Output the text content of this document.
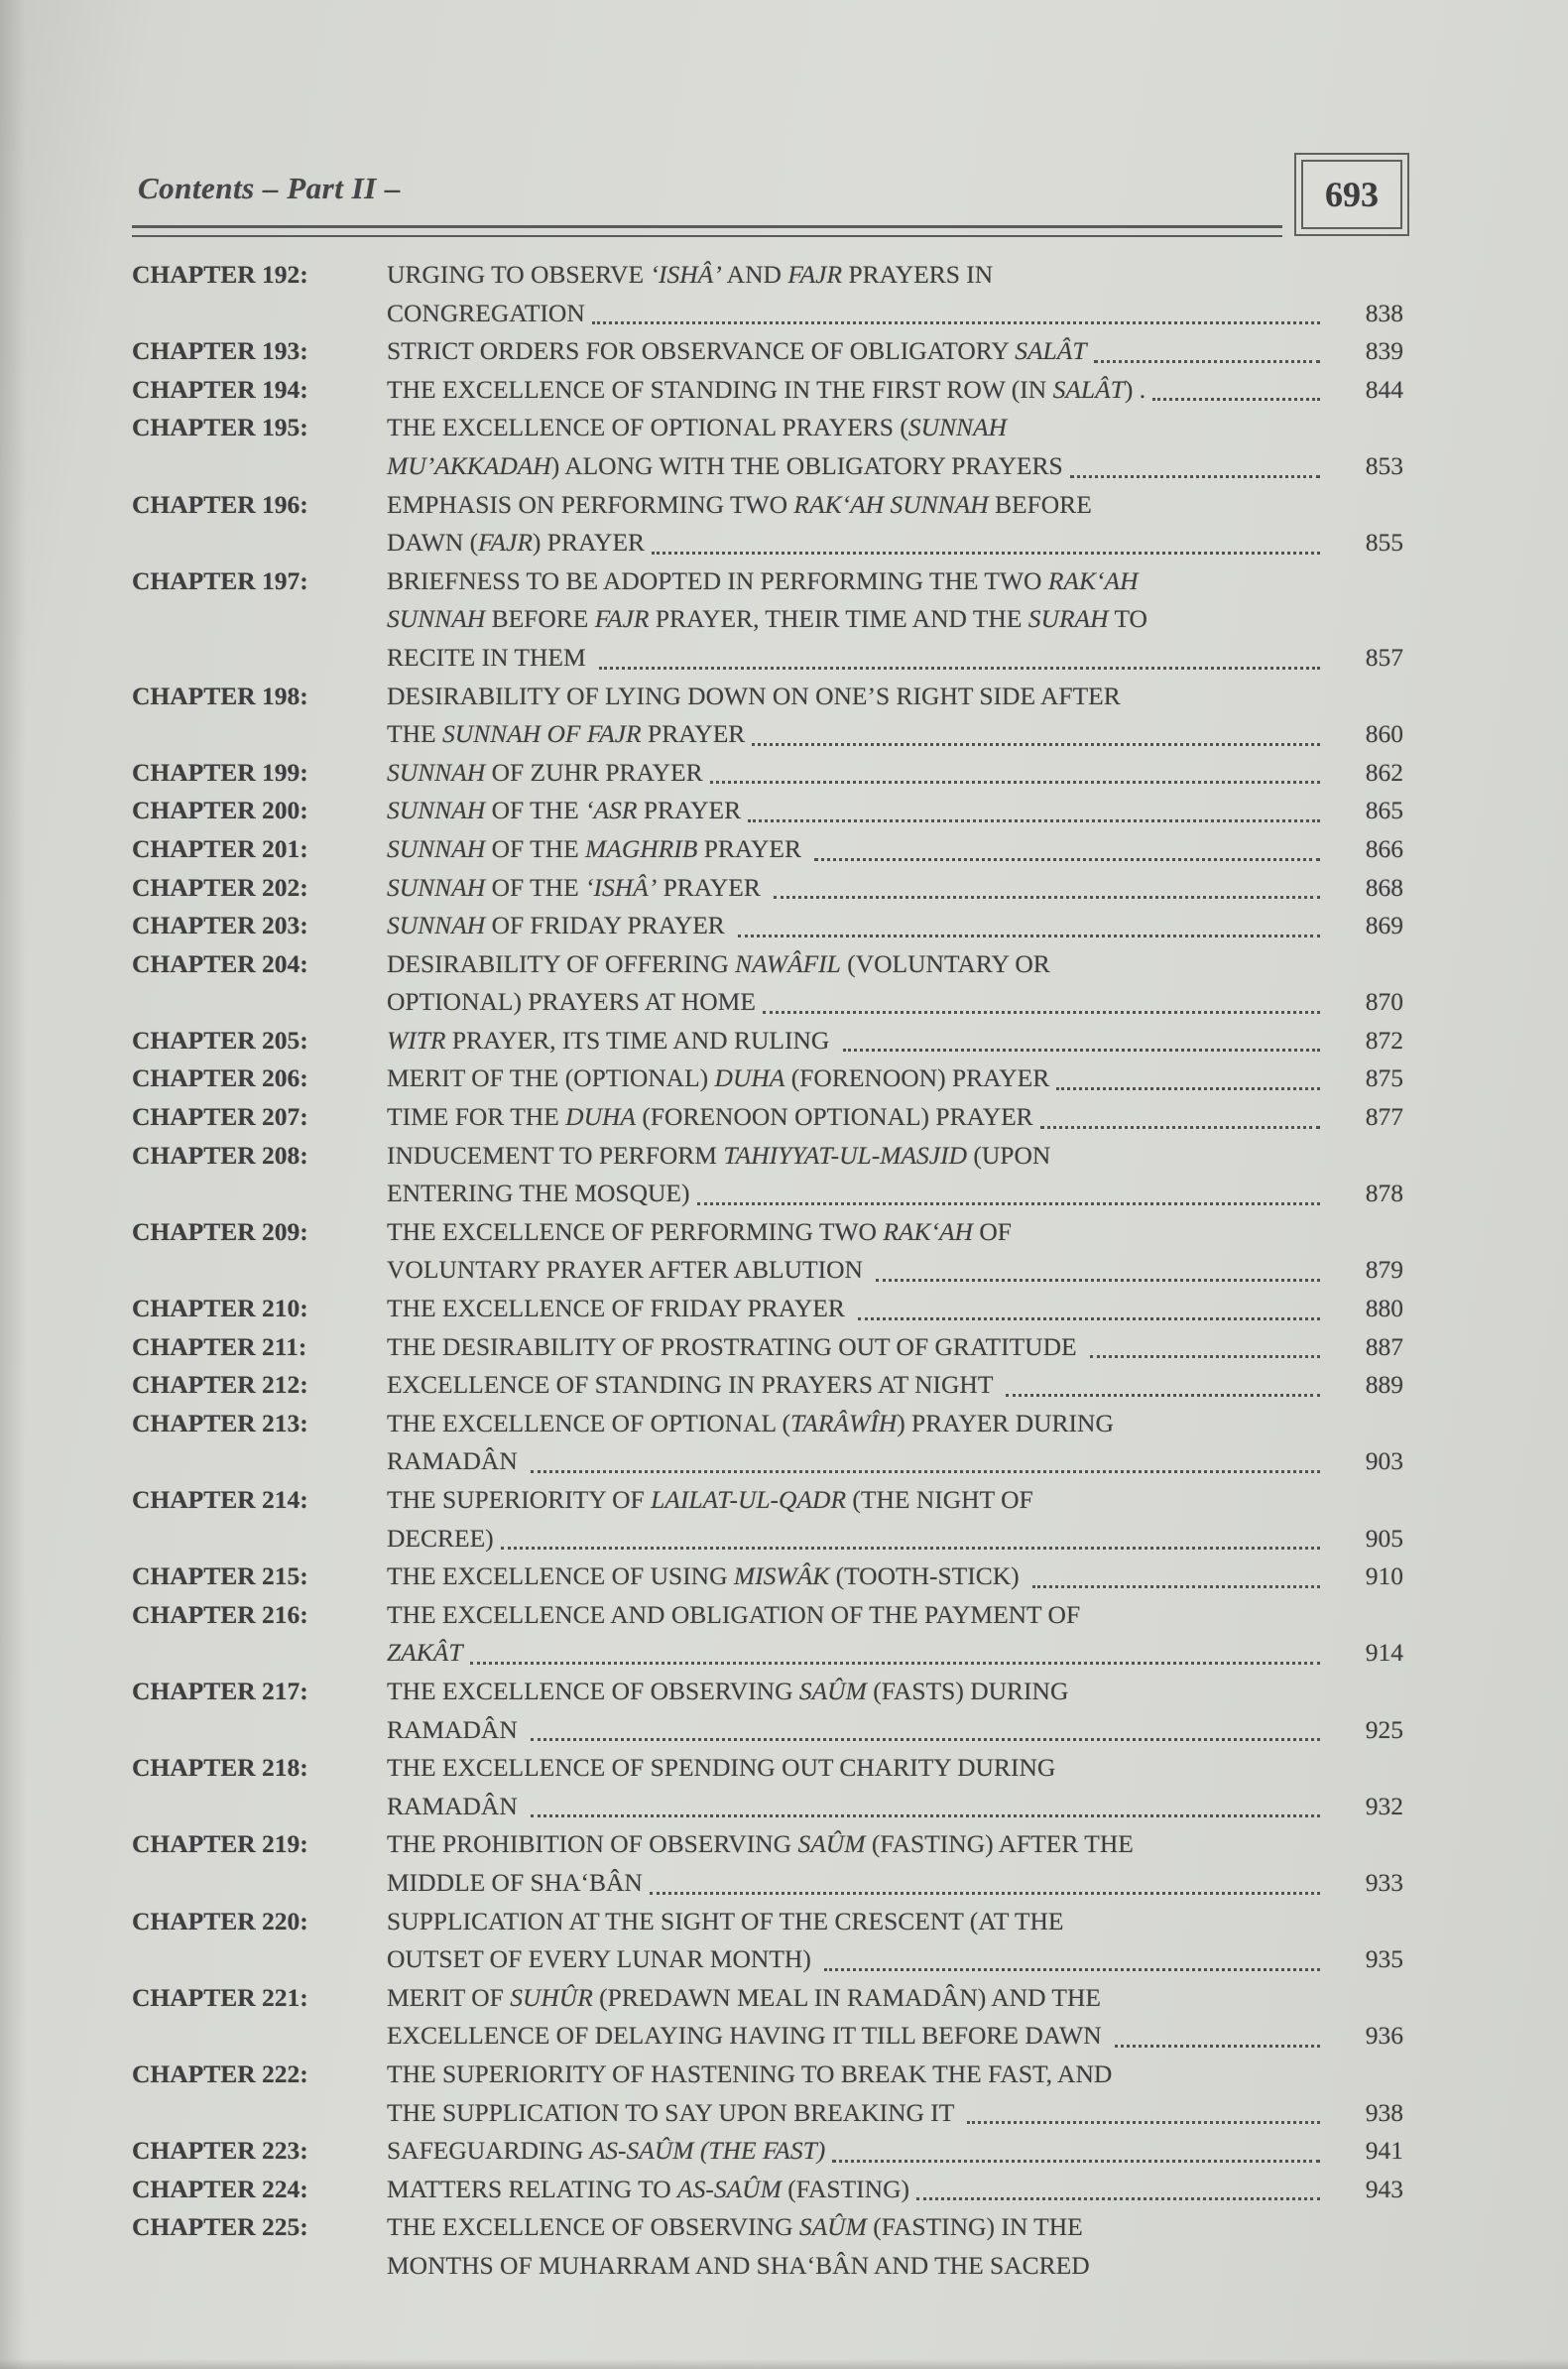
Contents – Part II –	693
CHAPTER 192:	URGING TO OBSERVE ‘ISHÂ’ AND FAJR PRAYERS IN
CONGREGATION	838
CHAPTER 193:	STRICT ORDERS FOR OBSERVANCE OF OBLIGATORY SALÂT	839
CHAPTER 194:	THE EXCELLENCE OF STANDING IN THE FIRST ROW (IN SALÂT) .	844
CHAPTER 195:	THE EXCELLENCE OF OPTIONAL PRAYERS (SUNNAH
MU’AKKADAH) ALONG WITH THE OBLIGATORY PRAYERS	853
CHAPTER 196:	EMPHASIS ON PERFORMING TWO RAK‘AH SUNNAH BEFORE
DAWN (FAJR) PRAYER	855
CHAPTER 197:	BRIEFNESS TO BE ADOPTED IN PERFORMING THE TWO RAK‘AH
SUNNAH BEFORE FAJR PRAYER, THEIR TIME AND THE SURAH TO
RECITE IN THEM	857
CHAPTER 198:	DESIRABILITY OF LYING DOWN ON ONE’S RIGHT SIDE AFTER
THE SUNNAH OF FAJR PRAYER	860
CHAPTER 199:	SUNNAH OF ZUHR PRAYER	862
CHAPTER 200:	SUNNAH OF THE ‘ASR PRAYER	865
CHAPTER 201:	SUNNAH OF THE MAGHRIB PRAYER	866
CHAPTER 202:	SUNNAH OF THE ‘ISHÂ’ PRAYER	868
CHAPTER 203:	SUNNAH OF FRIDAY PRAYER	869
CHAPTER 204:	DESIRABILITY OF OFFERING NAWÂFIL (VOLUNTARY OR
OPTIONAL) PRAYERS AT HOME	870
CHAPTER 205:	WITR PRAYER, ITS TIME AND RULING	872
CHAPTER 206:	MERIT OF THE (OPTIONAL) DUHA (FORENOON) PRAYER	875
CHAPTER 207:	TIME FOR THE DUHA (FORENOON OPTIONAL) PRAYER	877
CHAPTER 208:	INDUCEMENT TO PERFORM TAHIYYAT-UL-MASJID (UPON
ENTERING THE MOSQUE)	878
CHAPTER 209:	THE EXCELLENCE OF PERFORMING TWO RAK‘AH OF
VOLUNTARY PRAYER AFTER ABLUTION	879
CHAPTER 210:	THE EXCELLENCE OF FRIDAY PRAYER	880
CHAPTER 211:	THE DESIRABILITY OF PROSTRATING OUT OF GRATITUDE	887
CHAPTER 212:	EXCELLENCE OF STANDING IN PRAYERS AT NIGHT	889
CHAPTER 213:	THE EXCELLENCE OF OPTIONAL (TARÂWÎH) PRAYER DURING
RAMADÂN	903
CHAPTER 214:	THE SUPERIORITY OF LAILAT-UL-QADR (THE NIGHT OF
DECREE)	905
CHAPTER 215:	THE EXCELLENCE OF USING MISWÂK (TOOTH-STICK)	910
CHAPTER 216:	THE EXCELLENCE AND OBLIGATION OF THE PAYMENT OF
ZAKÂT	914
CHAPTER 217:	THE EXCELLENCE OF OBSERVING SAÛM (FASTS) DURING
RAMADÂN	925
CHAPTER 218:	THE EXCELLENCE OF SPENDING OUT CHARITY DURING
RAMADÂN	932
CHAPTER 219:	THE PROHIBITION OF OBSERVING SAÛM (FASTING) AFTER THE
MIDDLE OF SHA‘BÂN	933
CHAPTER 220:	SUPPLICATION AT THE SIGHT OF THE CRESCENT (AT THE
OUTSET OF EVERY LUNAR MONTH)	935
CHAPTER 221:	MERIT OF SUHÛR (PREDAWN MEAL IN RAMADÂN) AND THE
EXCELLENCE OF DELAYING HAVING IT TILL BEFORE DAWN	936
CHAPTER 222:	THE SUPERIORITY OF HASTENING TO BREAK THE FAST, AND
THE SUPPLICATION TO SAY UPON BREAKING IT	938
CHAPTER 223:	SAFEGUARDING AS-SAÛM (THE FAST)	941
CHAPTER 224:	MATTERS RELATING TO AS-SAÛM (FASTING)	943
CHAPTER 225:	THE EXCELLENCE OF OBSERVING SAÛM (FASTING) IN THE
MONTHS OF MUHARRAM AND SHA‘BÂN AND THE SACRED
